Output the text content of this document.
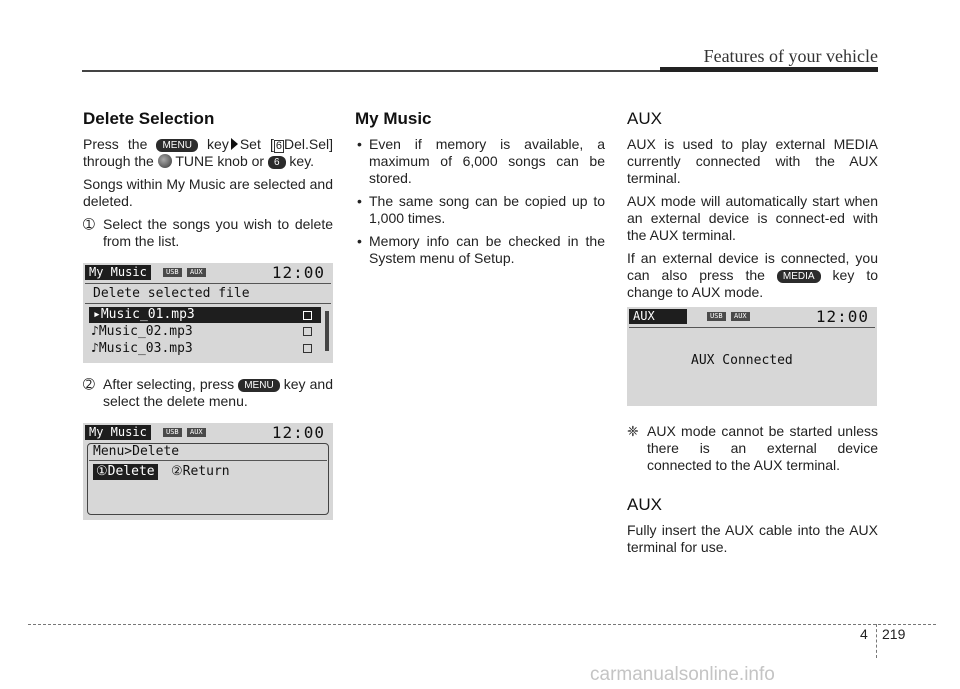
Features of your vehicle
Delete Selection

Press the MENU key Set [ 6 Del.Sel] through the TUNE knob or 6 key.

Songs within My Music are selected and deleted.

➀ Select the songs you wish to delete from the list.
My Music	USB	AUX	12:00
Delete selected file
▸Music_01.mp3
♪Music_02.mp3
♪Music_03.mp3
➁ After selecting, press MENU key and select the delete menu.
My Music	USB	AUX	12:00
Menu>Delete
①Delete ②Return
My Music
• Even if memory is available, a maximum of 6,000 songs can be stored.
• The same song can be copied up to 1,000 times.
• Memory info can be checked in the System menu of Setup.
AUX

AUX is used to play external MEDIA currently connected with the AUX terminal.

AUX mode will automatically start when an external device is connect-ed with the AUX terminal.

If an external device is connected, you can also press the MEDIA key to change to AUX mode.

AUX	USB	AUX	12:00
AUX Connected
❈ AUX mode cannot be started unless there is an external device connected to the AUX terminal.
AUX

Fully insert the AUX cable into the AUX terminal for use.

4 219
carmanualsonline.info
